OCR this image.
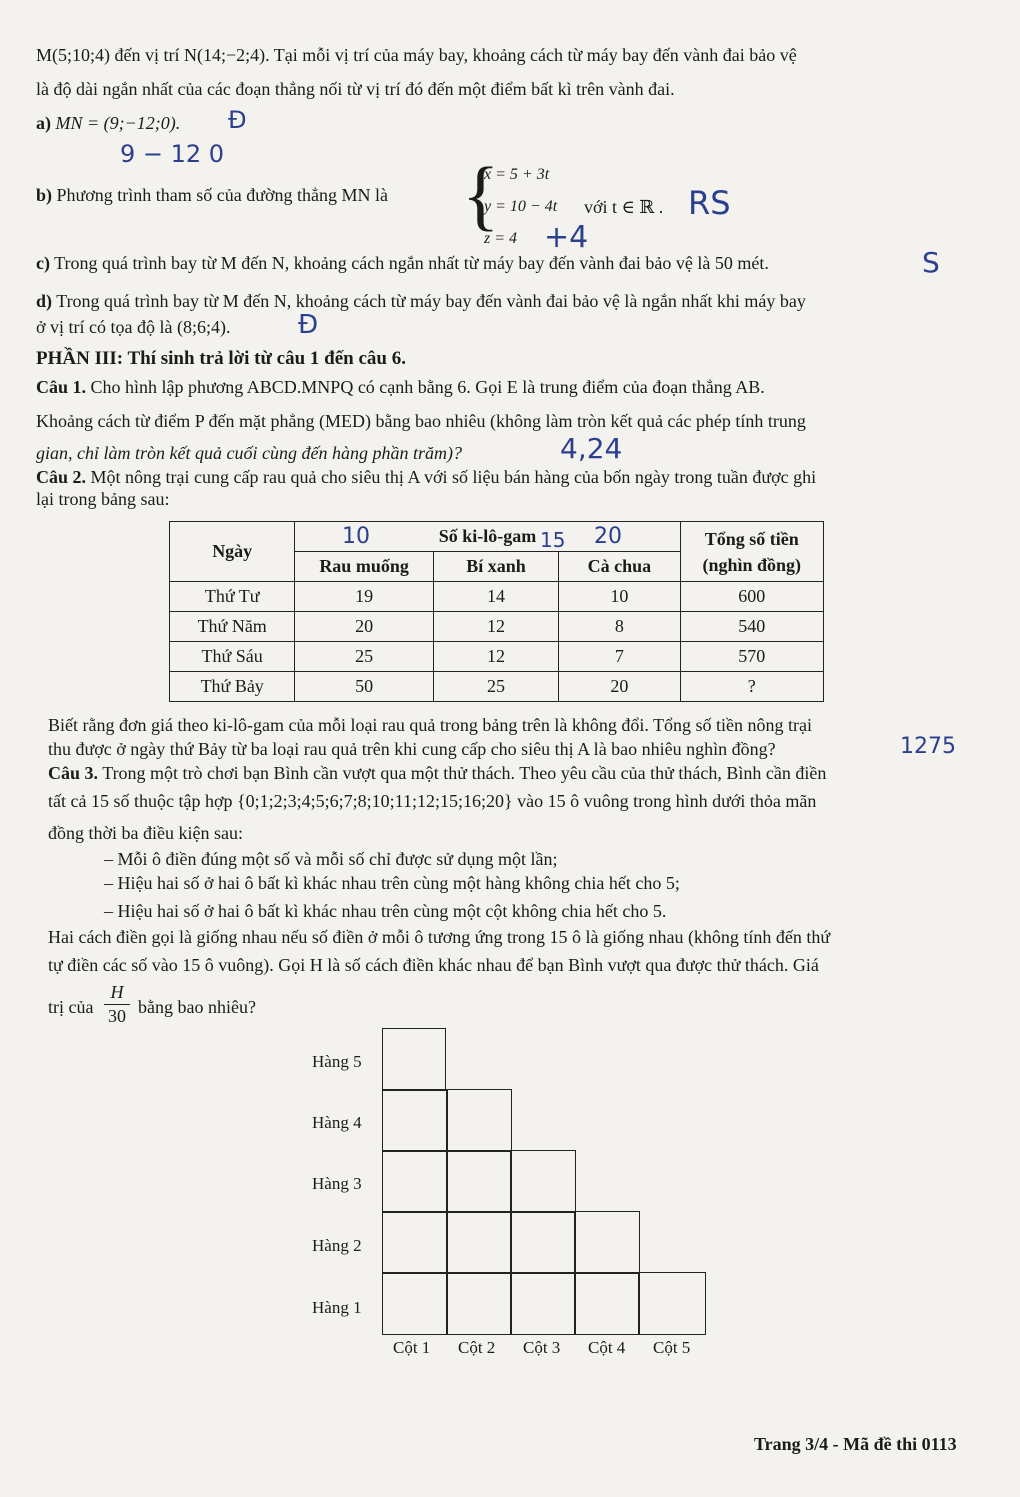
M(5;10;4) đến vị trí N(14;−2;4). Tại mỗi vị trí của máy bay, khoảng cách từ máy bay đến vành đai bảo vệ
là độ dài ngắn nhất của các đoạn thẳng nối từ vị trí đó đến một điểm bất kì trên vành đai.
a) MN = (9;−12;0). Đ
9 − 12 0
b) Phương trình tham số của đường thẳng MN là {
x = 5 + 3t
y = 10 − 4t
z = 4
với t ∈ ℝ .
+4
RS
c) Trong quá trình bay từ M đến N, khoảng cách ngắn nhất từ máy bay đến vành đai bảo vệ là 50 mét.	S
d) Trong quá trình bay từ M đến N, khoảng cách từ máy bay đến vành đai bảo vệ là ngắn nhất khi máy bay
ở vị trí có tọa độ là (8;6;4).	Đ
PHẦN III: Thí sinh trả lời từ câu 1 đến câu 6.
Câu 1. Cho hình lập phương ABCD.MNPQ có cạnh bằng 6. Gọi E là trung điểm của đoạn thẳng AB.
Khoảng cách từ điểm P đến mặt phẳng (MED) bằng bao nhiêu (không làm tròn kết quả các phép tính trung
gian, chỉ làm tròn kết quả cuối cùng đến hàng phần trăm)?	4,24
Câu 2. Một nông trại cung cấp rau quả cho siêu thị A với số liệu bán hàng của bốn ngày trong tuần được ghi
lại trong bảng sau:
Ngày	Số ki-lô-gam			Tổng số tiền
(nghìn đồng)

	Rau muống	Bí xanh	Cà chua	
Thứ Tư	19	14	10	600
Thứ Năm	20	12	8	540
Thứ Sáu	25	12	7	570
Thứ Bảy	50	25	20	?
10	15 20
Biết rằng đơn giá theo ki-lô-gam của mỗi loại rau quả trong bảng trên là không đổi. Tổng số tiền nông trại
thu được ở ngày thứ Bảy từ ba loại rau quả trên khi cung cấp cho siêu thị A là bao nhiêu nghìn đồng?	1275
Câu 3. Trong một trò chơi bạn Bình cần vượt qua một thử thách. Theo yêu cầu của thử thách, Bình cần điền
tất cả 15 số thuộc tập hợp {0;1;2;3;4;5;6;7;8;10;11;12;15;16;20} vào 15 ô vuông trong hình dưới thỏa mãn
đồng thời ba điều kiện sau:
– Mỗi ô điền đúng một số và mỗi số chỉ được sử dụng một lần;
– Hiệu hai số ở hai ô bất kì khác nhau trên cùng một hàng không chia hết cho 5;
– Hiệu hai số ở hai ô bất kì khác nhau trên cùng một cột không chia hết cho 5.
Hai cách điền gọi là giống nhau nếu số điền ở mỗi ô tương ứng trong 15 ô là giống nhau (không tính đến thứ
tự điền các số vào 15 ô vuông). Gọi H là số cách điền khác nhau để bạn Bình vượt qua được thử thách. Giá
trị của
H
30 bằng bao nhiêu?
Hàng 5
Hàng 4
Hàng 3
Hàng 2
Hàng 1
Cột 1 Cột 2 Cột 3 Cột 4 Cột 5
Trang 3/4 - Mã đề thi 0113
